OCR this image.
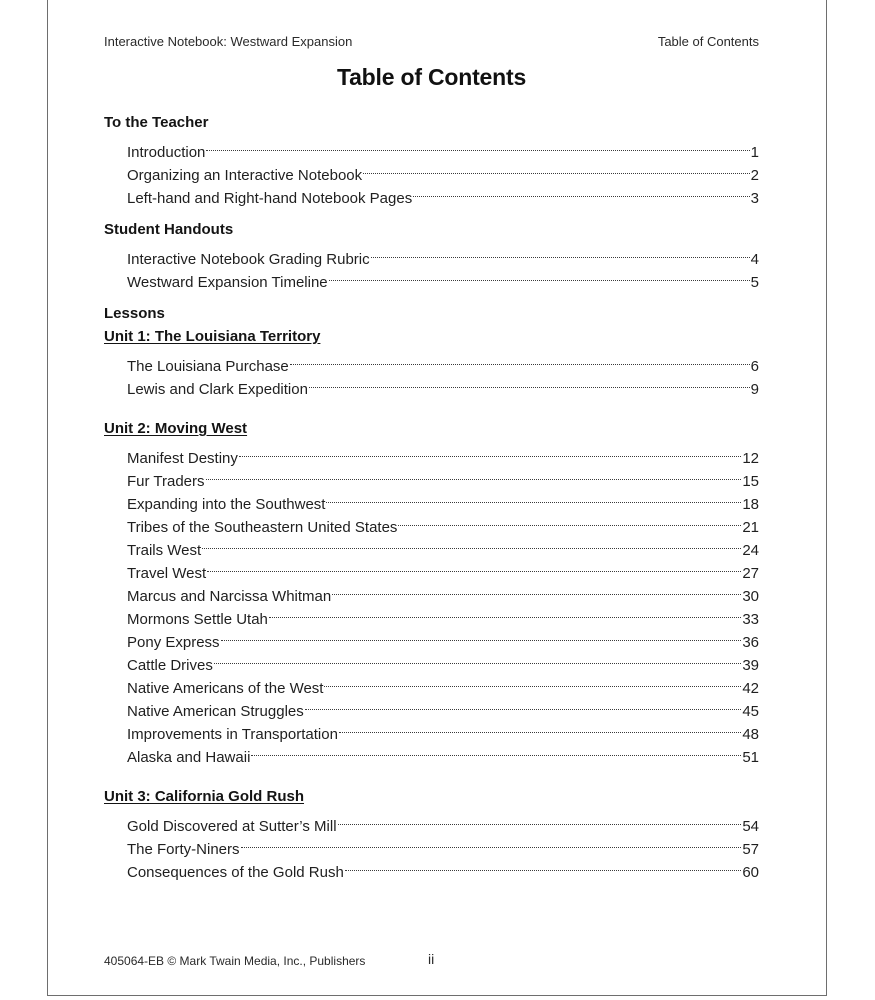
Interactive Notebook: Westward Expansion	Table of Contents
Table of Contents
To the Teacher
Introduction	1
Organizing an Interactive Notebook	2
Left-hand and Right-hand Notebook Pages	3
Student Handouts
Interactive Notebook Grading Rubric	4
Westward Expansion Timeline	5
Lessons
Unit 1: The Louisiana Territory
The Louisiana Purchase	6
Lewis and Clark Expedition	9
Unit 2: Moving West
Manifest Destiny	12
Fur Traders	15
Expanding into the Southwest	18
Tribes of the Southeastern United States	21
Trails West	24
Travel West	27
Marcus and Narcissa Whitman	30
Mormons Settle Utah	33
Pony Express	36
Cattle Drives	39
Native Americans of the West	42
Native American Struggles	45
Improvements in Transportation	48
Alaska and Hawaii	51
Unit 3: California Gold Rush
Gold Discovered at Sutter’s Mill	54
The Forty-Niners	57
Consequences of the Gold Rush	60
405064-EB © Mark Twain Media, Inc., Publishers	ii
